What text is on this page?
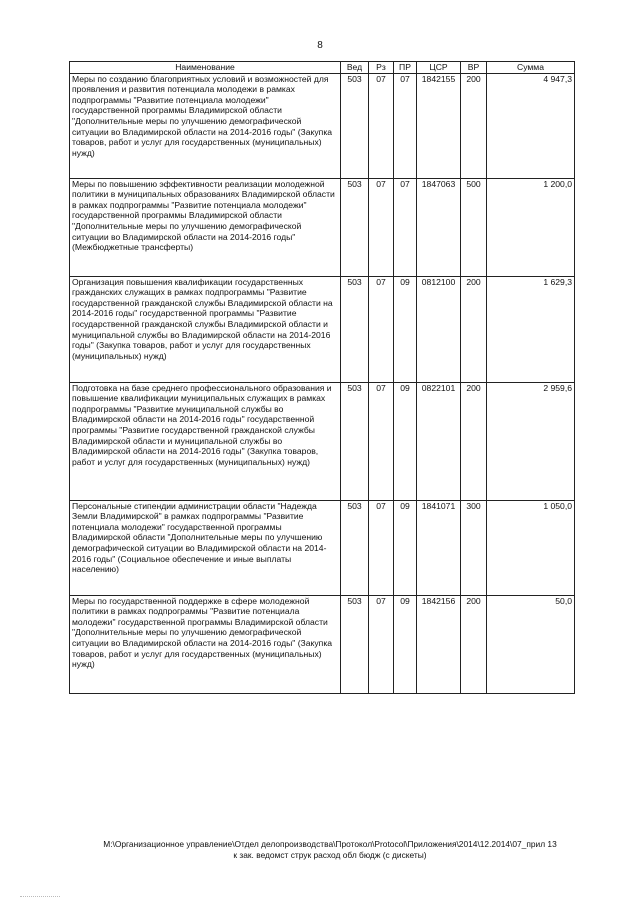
8
Наименование	Вед	Рз	ПР	ЦСР	ВР	Сумма
Меры по созданию благоприятных условий и возможностей для проявления и развития потенциала молодежи в рамках подпрограммы "Развитие потенциала молодежи" государственной программы Владимирской области "Дополнительные меры по улучшению демографической ситуации во Владимирской области на 2014-2016 годы" (Закупка товаров, работ и услуг для государственных (муниципальных) нужд)	503	07	07	1842155	200	4 947,3
Меры по повышению эффективности реализации молодежной политики в муниципальных образованиях Владимирской области в рамках подпрограммы "Развитие потенциала молодежи" государственной программы Владимирской области "Дополнительные меры по улучшению демографической ситуации во Владимирской области на 2014-2016 годы" (Межбюджетные трансферты)	503	07	07	1847063	500	1 200,0
Организация повышения квалификации государственных гражданских служащих в рамках подпрограммы "Развитие государственной гражданской службы Владимирской области на 2014-2016 годы" государственной программы "Развитие государственной гражданской службы Владимирской области и муниципальной службы во Владимирской области на 2014-2016 годы" (Закупка товаров, работ и услуг для государственных (муниципальных) нужд)	503	07	09	0812100	200	1 629,3
Подготовка на базе среднего профессионального образования и повышение квалификации муниципальных служащих в рамках подпрограммы "Развитие муниципальной службы во Владимирской области на 2014-2016 годы" государственной программы "Развитие государственной гражданской службы Владимирской области и муниципальной службы во Владимирской области на 2014-2016 годы" (Закупка товаров, работ и услуг для государственных (муниципальных) нужд)	503	07	09	0822101	200	2 959,6
Персональные стипендии администрации области "Надежда Земли Владимирской" в рамках подпрограммы "Развитие потенциала молодежи" государственной программы Владимирской области "Дополнительные меры по улучшению демографической ситуации во Владимирской области на 2014-2016 годы" (Социальное обеспечение и иные выплаты населению)	503	07	09	1841071	300	1 050,0
Меры по государственной поддержке в сфере молодежной политики в рамках подпрограммы "Развитие потенциала молодежи" государственной программы Владимирской области "Дополнительные меры по улучшению демографической ситуации во Владимирской области на 2014-2016 годы" (Закупка товаров, работ и услуг для государственных (муниципальных) нужд)	503	07	09	1842156	200	50,0
М:\Организационное управление\Отдел делопроизводства\Протокол\Protocol\Приложения\2014\12.2014\07_прил 13
к зак. ведомст струк расход обл бюдж (с дискеты)
